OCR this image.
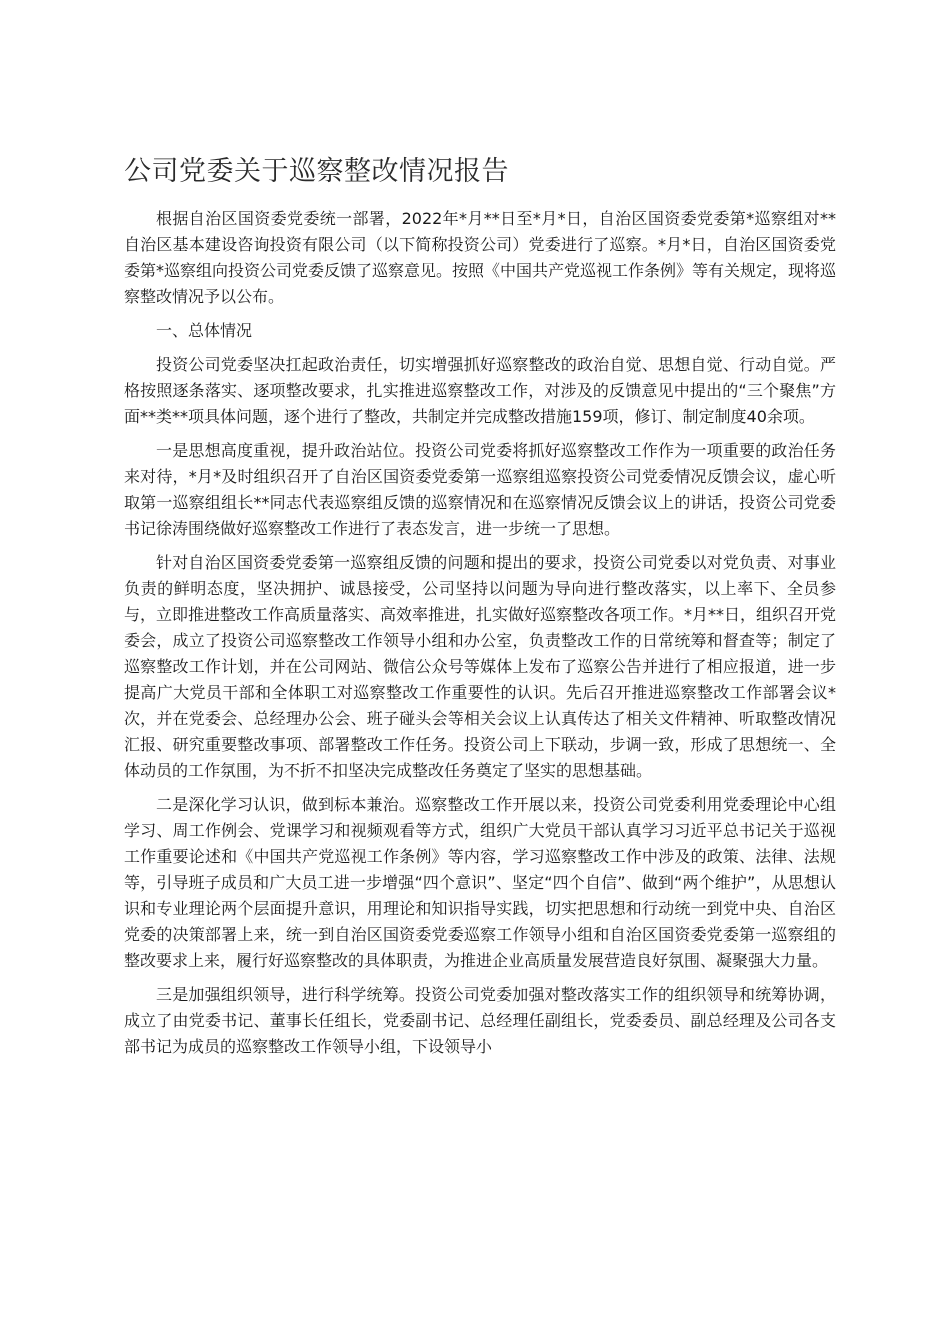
公司党委关于巡察整改情况报告

根据自治区国资委党委统一部署，2022年*月**日至*月*日，自治区国资委党委第*巡察组对**自治区基本建设咨询投资有限公司（以下简称投资公司）党委进行了巡察。*月*日，自治区国资委党委第*巡察组向投资公司党委反馈了巡察意见。按照《中国共产党巡视工作条例》等有关规定，现将巡察整改情况予以公布。

一、总体情况

投资公司党委坚决扛起政治责任，切实增强抓好巡察整改的政治自觉、思想自觉、行动自觉。严格按照逐条落实、逐项整改要求，扎实推进巡察整改工作，对涉及的反馈意见中提出的“三个聚焦”方面**类**项具体问题，逐个进行了整改，共制定并完成整改措施159项，修订、制定制度40余项。

一是思想高度重视，提升政治站位。投资公司党委将抓好巡察整改工作作为一项重要的政治任务来对待，*月*及时组织召开了自治区国资委党委第一巡察组巡察投资公司党委情况反馈会议，虚心听取第一巡察组组长**同志代表巡察组反馈的巡察情况和在巡察情况反馈会议上的讲话，投资公司党委书记徐涛围绕做好巡察整改工作进行了表态发言，进一步统一了思想。

针对自治区国资委党委第一巡察组反馈的问题和提出的要求，投资公司党委以对党负责、对事业负责的鲜明态度，坚决拥护、诚恳接受，公司坚持以问题为导向进行整改落实，以上率下、全员参与，立即推进整改工作高质量落实、高效率推进，扎实做好巡察整改各项工作。*月**日，组织召开党委会，成立了投资公司巡察整改工作领导小组和办公室，负责整改工作的日常统筹和督查等；制定了巡察整改工作计划，并在公司网站、微信公众号等媒体上发布了巡察公告并进行了相应报道，进一步提高广大党员干部和全体职工对巡察整改工作重要性的认识。先后召开推进巡察整改工作部署会议*次，并在党委会、总经理办公会、班子碰头会等相关会议上认真传达了相关文件精神、听取整改情况汇报、研究重要整改事项、部署整改工作任务。投资公司上下联动，步调一致，形成了思想统一、全体动员的工作氛围，为不折不扣坚决完成整改任务奠定了坚实的思想基础。

二是深化学习认识，做到标本兼治。巡察整改工作开展以来，投资公司党委利用党委理论中心组学习、周工作例会、党课学习和视频观看等方式，组织广大党员干部认真学习习近平总书记关于巡视工作重要论述和《中国共产党巡视工作条例》等内容，学习巡察整改工作中涉及的政策、法律、法规等，引导班子成员和广大员工进一步增强“四个意识”、坚定“四个自信”、做到“两个维护”，从思想认识和专业理论两个层面提升意识，用理论和知识指导实践，切实把思想和行动统一到党中央、自治区党委的决策部署上来，统一到自治区国资委党委巡察工作领导小组和自治区国资委党委第一巡察组的整改要求上来，履行好巡察整改的具体职责，为推进企业高质量发展营造良好氛围、凝聚强大力量。

三是加强组织领导，进行科学统筹。投资公司党委加强对整改落实工作的组织领导和统筹协调，成立了由党委书记、董事长任组长，党委副书记、总经理任副组长，党委委员、副总经理及公司各支部书记为成员的巡察整改工作领导小组，下设领导小
